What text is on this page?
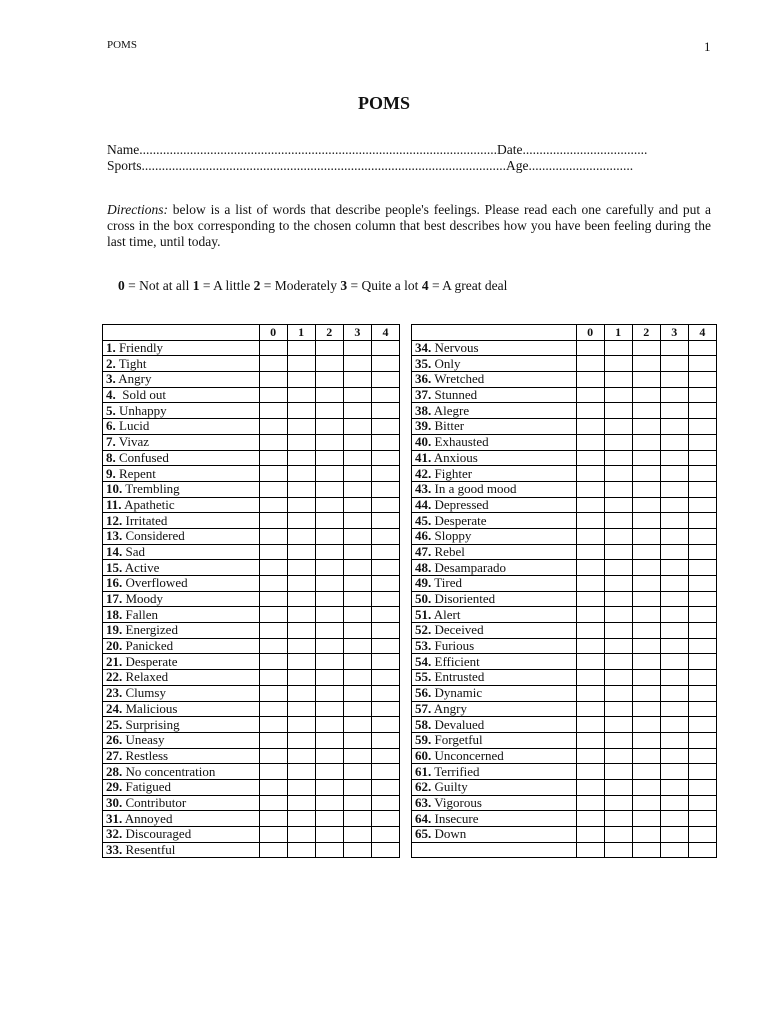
POMS	1
POMS
Name..........................................................................................................Date.....................................
Sports............................................................................................................Age...............................
Directions: below is a list of words that describe people's feelings. Please read each one carefully and put a cross in the box corresponding to the chosen column that best describes how you have been feeling during the last time, until today.
0 = Not at all 1 = A little 2 = Moderately 3 = Quite a lot 4 = A great deal
	0	1	2	3	4
1. Friendly					
2. Tight					
3. Angry					
4.  Sold out					
5. Unhappy					
6. Lucid					
7. Vivaz					
8. Confused					
9. Repent					
10. Trembling					
11. Apathetic					
12. Irritated					
13. Considered					
14. Sad					
15. Active					
16. Overflowed					
17. Moody					
18. Fallen					
19. Energized					
20. Panicked					
21. Desperate					
22. Relaxed					
23. Clumsy					
24. Malicious					
25. Surprising					
26. Uneasy					
27. Restless					
28. No concentration					
29. Fatigued					
30. Contributor					
31. Annoyed					
32. Discouraged					
33. Resentful					
	0	1	2	3	4
34. Nervous					
35. Only					
36. Wretched					
37. Stunned					
38. Alegre					
39. Bitter					
40. Exhausted					
41. Anxious					
42. Fighter					
43. In a good mood					
44. Depressed					
45. Desperate					
46. Sloppy					
47. Rebel					
48. Desamparado					
49. Tired					
50. Disoriented					
51. Alert					
52. Deceived					
53. Furious					
54. Efficient					
55. Entrusted					
56. Dynamic					
57. Angry					
58. Devalued					
59. Forgetful					
60. Unconcerned					
61. Terrified					
62. Guilty					
63. Vigorous					
64. Insecure					
65. Down					
